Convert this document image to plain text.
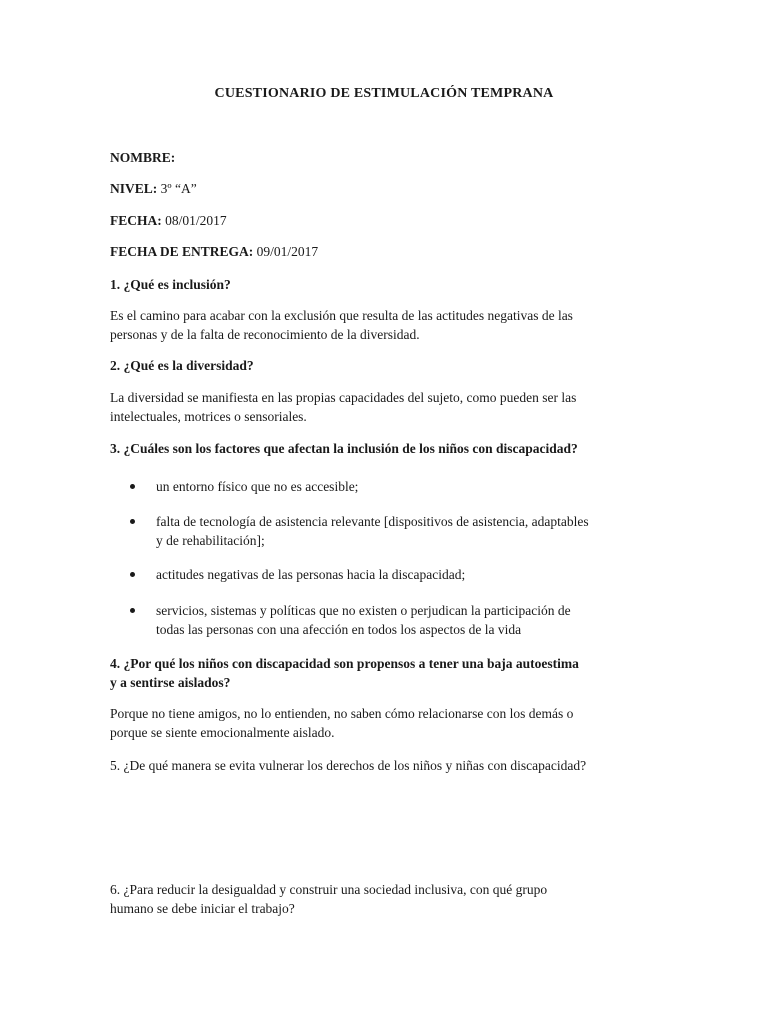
CUESTIONARIO DE ESTIMULACIÓN TEMPRANA
NOMBRE:
NIVEL: 3º “A”
FECHA: 08/01/2017
FECHA DE ENTREGA: 09/01/2017
1. ¿Qué es inclusión?
Es el camino para acabar con la exclusión que resulta de las actitudes negativas de las
personas y de la falta de reconocimiento de la diversidad.
2. ¿Qué es la diversidad?
La diversidad se manifiesta en las propias capacidades del sujeto, como pueden ser las
intelectuales, motrices o sensoriales.
3. ¿Cuáles son los factores que afectan la inclusión de los niños con discapacidad?
un entorno físico que no es accesible;
falta de tecnología de asistencia relevante [dispositivos de asistencia, adaptables
y de rehabilitación];
actitudes negativas de las personas hacia la discapacidad;
servicios, sistemas y políticas que no existen o perjudican la participación de
todas las personas con una afección en todos los aspectos de la vida
4. ¿Por qué los niños con discapacidad son propensos a tener una baja autoestima
y a sentirse aislados?
Porque no tiene amigos, no lo entienden, no saben cómo relacionarse con los demás o
porque se siente emocionalmente aislado.
5. ¿De qué manera se evita vulnerar los derechos de los niños y niñas con discapacidad?
6. ¿Para reducir la desigualdad y construir una sociedad inclusiva, con qué grupo
humano se debe iniciar el trabajo?
